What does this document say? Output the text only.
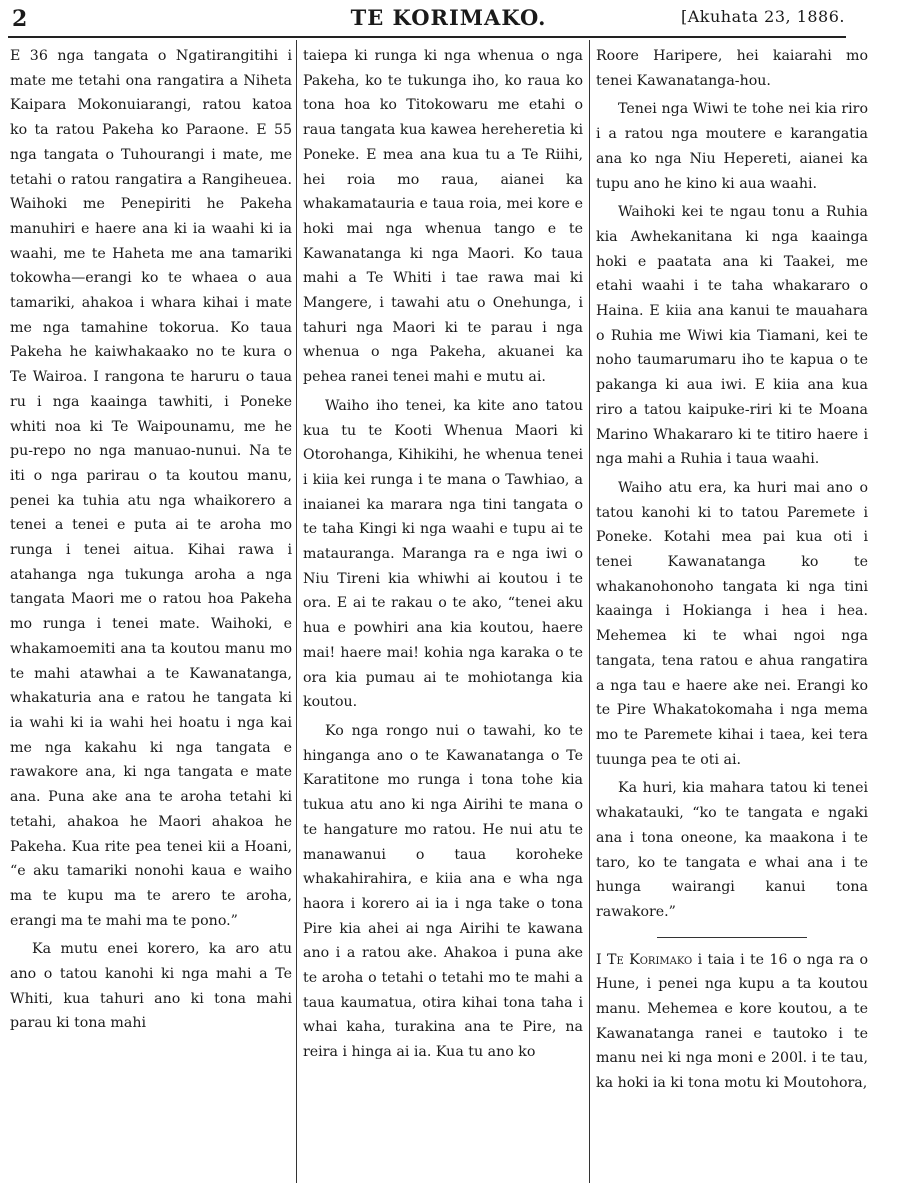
2	TE KORIMAKO.	[Akuhata 23, 1886.

E 36 nga tangata o Ngatirangitihi i mate me tetahi ona rangatira a Niheta Kaipara Mokonuiarangi, ratou katoa ko ta ratou Pakeha ko Paraone. E 55 nga tangata o Tuhourangi i mate, me tetahi o ratou rangatira a Rangiheuea. Waihoki me Penepiriti he Pakeha manuhiri e haere ana ki ia waahi ki ia waahi, me te Haheta me ana tamariki tokowha—erangi ko te whaea o aua tamariki, ahakoa i whara kihai i mate me nga tamahine tokorua. Ko taua Pakeha he kaiwhakaako no te kura o Te Wairoa. I rangona te haruru o taua ru i nga kaainga tawhiti, i Poneke whiti noa ki Te Waipounamu, me he pu-repo no nga manuao-nunui. Na te iti o nga parirau o ta koutou manu, penei ka tuhia atu nga whaikorero a tenei a tenei e puta ai te aroha mo runga i tenei aitua. Kihai rawa i atahanga nga tukunga aroha a nga tangata Maori me o ratou hoa Pakeha mo runga i tenei mate. Waihoki, e whakamoemiti ana ta koutou manu mo te mahi atawhai a te Kawanatanga, whakaturia ana e ratou he tangata ki ia wahi ki ia wahi hei hoatu i nga kai me nga kakahu ki nga tangata e rawakore ana, ki nga tangata e mate ana. Puna ake ana te aroha tetahi ki tetahi, ahakoa he Maori ahakoa he Pakeha. Kua rite pea tenei kii a Hoani, “e aku tamariki nonohi kaua e waiho ma te kupu ma te arero te aroha, erangi ma te mahi ma te pono.”

Ka mutu enei korero, ka aro atu ano o tatou kanohi ki nga mahi a Te Whiti, kua tahuri ano ki tona mahi parau ki tona mahi

taiepa ki runga ki nga whenua o nga Pakeha, ko te tukunga iho, ko raua ko tona hoa ko Titokowaru me etahi o raua tangata kua kawea hereheretia ki Poneke. E mea ana kua tu a Te Riihi, hei roia mo raua, aianei ka whakamatauria e taua roia, mei kore e hoki mai nga whenua tango e te Kawanatanga ki nga Maori. Ko taua mahi a Te Whiti i tae rawa mai ki Mangere, i tawahi atu o Onehunga, i tahuri nga Maori ki te parau i nga whenua o nga Pakeha, akuanei ka pehea ranei tenei mahi e mutu ai.

Waiho iho tenei, ka kite ano tatou kua tu te Kooti Whenua Maori ki Otorohanga, Kihikihi, he whenua tenei i kiia kei runga i te mana o Tawhiao, a inaianei ka marara nga tini tangata o te taha Kingi ki nga waahi e tupu ai te matauranga. Maranga ra e nga iwi o Niu Tireni kia whiwhi ai koutou i te ora. E ai te rakau o te ako, “tenei aku hua e powhiri ana kia koutou, haere mai! haere mai! kohia nga karaka o te ora kia pumau ai te mohiotanga kia koutou.

Ko nga rongo nui o tawahi, ko te hinganga ano o te Kawanatanga o Te Karatitone mo runga i tona tohe kia tukua atu ano ki nga Airihi te mana o te hangature mo ratou. He nui atu te manawanui o taua koroheke whakahirahira, e kiia ana e wha nga haora i korero ai ia i nga take o tona Pire kia ahei ai nga Airihi te kawana ano i a ratou ake. Ahakoa i puna ake te aroha o tetahi o tetahi mo te mahi a taua kaumatua, otira kihai tona taha i whai kaha, turakina ana te Pire, na reira i hinga ai ia. Kua tu ano ko

Roore Haripere, hei kaiarahi mo tenei Kawanatanga-hou.

Tenei nga Wiwi te tohe nei kia riro i a ratou nga moutere e karangatia ana ko nga Niu Hepereti, aianei ka tupu ano he kino ki aua waahi.

Waihoki kei te ngau tonu a Ruhia kia Awhekanitana ki nga kaainga hoki e paatata ana ki Taakei, me etahi waahi i te taha whakararo o Haina. E kiia ana kanui te mauahara o Ruhia me Wiwi kia Tiamani, kei te noho taumarumaru iho te kapua o te pakanga ki aua iwi. E kiia ana kua riro a tatou kaipuke-riri ki te Moana Marino Whakararo ki te titiro haere i nga mahi a Ruhia i taua waahi.

Waiho atu era, ka huri mai ano o tatou kanohi ki to tatou Paremete i Poneke. Kotahi mea pai kua oti i tenei Kawanatanga ko te whakanohonoho tangata ki nga tini kaainga i Hokianga i hea i hea. Mehemea ki te whai ngoi nga tangata, tena ratou e ahua rangatira a nga tau e haere ake nei. Erangi ko te Pire Whakatokomaha i nga mema mo te Paremete kihai i taea, kei tera tuunga pea te oti ai.

Ka huri, kia mahara tatou ki tenei whakatauki, “ko te tangata e ngaki ana i tona oneone, ka maakona i te taro, ko te tangata e whai ana i te hunga wairangi kanui tona rawakore.”

I Te Korimako i taia i te 16 o nga ra o Hune, i penei nga kupu a ta koutou manu. Mehemea e kore koutou, a te Kawanatanga ranei e tautoko i te manu nei ki nga moni e 200l. i te tau, ka hoki ia ki tona motu ki Moutohora,
